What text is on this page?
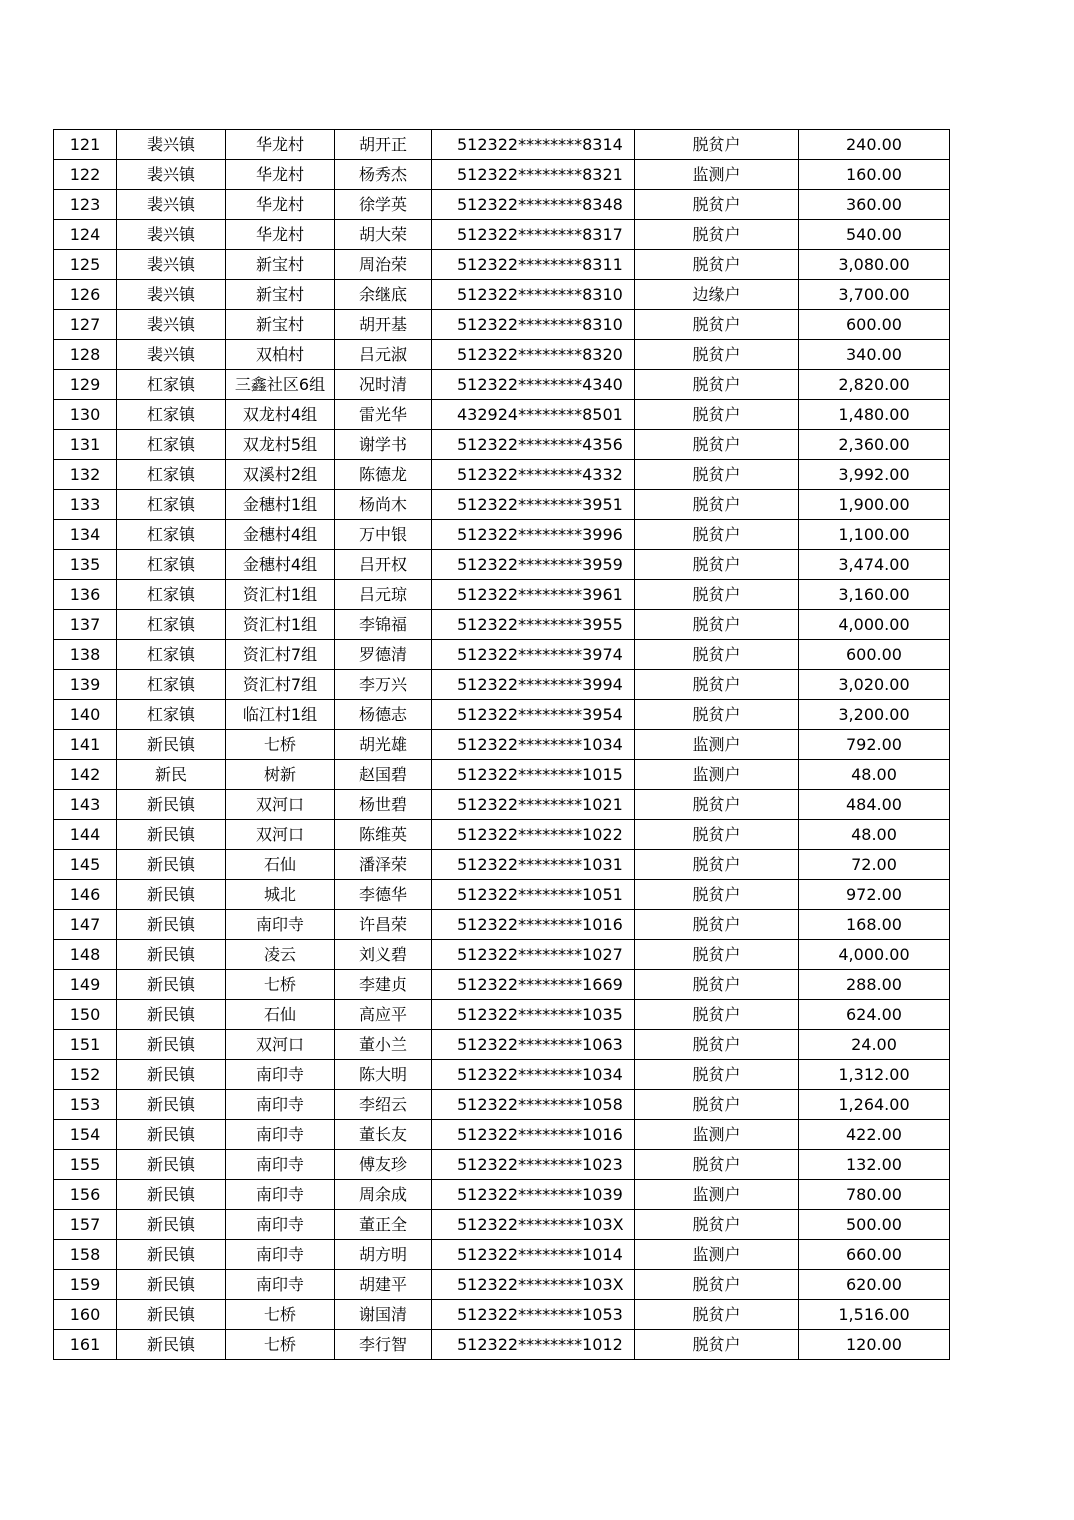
121	裴兴镇	华龙村	胡开正	512322********8314	脱贫户	240.00
122	裴兴镇	华龙村	杨秀杰	512322********8321	监测户	160.00
123	裴兴镇	华龙村	徐学英	512322********8348	脱贫户	360.00
124	裴兴镇	华龙村	胡大荣	512322********8317	脱贫户	540.00
125	裴兴镇	新宝村	周治荣	512322********8311	脱贫户	3,080.00
126	裴兴镇	新宝村	余继底	512322********8310	边缘户	3,700.00
127	裴兴镇	新宝村	胡开基	512322********8310	脱贫户	600.00
128	裴兴镇	双柏村	吕元淑	512322********8320	脱贫户	340.00
129	杠家镇	三鑫社区6组	况时清	512322********4340	脱贫户	2,820.00
130	杠家镇	双龙村4组	雷光华	432924********8501	脱贫户	1,480.00
131	杠家镇	双龙村5组	谢学书	512322********4356	脱贫户	2,360.00
132	杠家镇	双溪村2组	陈德龙	512322********4332	脱贫户	3,992.00
133	杠家镇	金穗村1组	杨尚木	512322********3951	脱贫户	1,900.00
134	杠家镇	金穗村4组	万中银	512322********3996	脱贫户	1,100.00
135	杠家镇	金穗村4组	吕开权	512322********3959	脱贫户	3,474.00
136	杠家镇	资汇村1组	吕元琼	512322********3961	脱贫户	3,160.00
137	杠家镇	资汇村1组	李锦福	512322********3955	脱贫户	4,000.00
138	杠家镇	资汇村7组	罗德清	512322********3974	脱贫户	600.00
139	杠家镇	资汇村7组	李万兴	512322********3994	脱贫户	3,020.00
140	杠家镇	临江村1组	杨德志	512322********3954	脱贫户	3,200.00
141	新民镇	七桥	胡光雄	512322********1034	监测户	792.00
142	新民	树新	赵国碧	512322********1015	监测户	48.00
143	新民镇	双河口	杨世碧	512322********1021	脱贫户	484.00
144	新民镇	双河口	陈维英	512322********1022	脱贫户	48.00
145	新民镇	石仙	潘泽荣	512322********1031	脱贫户	72.00
146	新民镇	城北	李德华	512322********1051	脱贫户	972.00
147	新民镇	南印寺	许昌荣	512322********1016	脱贫户	168.00
148	新民镇	凌云	刘义碧	512322********1027	脱贫户	4,000.00
149	新民镇	七桥	李建贞	512322********1669	脱贫户	288.00
150	新民镇	石仙	高应平	512322********1035	脱贫户	624.00
151	新民镇	双河口	董小兰	512322********1063	脱贫户	24.00
152	新民镇	南印寺	陈大明	512322********1034	脱贫户	1,312.00
153	新民镇	南印寺	李绍云	512322********1058	脱贫户	1,264.00
154	新民镇	南印寺	董长友	512322********1016	监测户	422.00
155	新民镇	南印寺	傅友珍	512322********1023	脱贫户	132.00
156	新民镇	南印寺	周余成	512322********1039	监测户	780.00
157	新民镇	南印寺	董正全	512322********103X	脱贫户	500.00
158	新民镇	南印寺	胡方明	512322********1014	监测户	660.00
159	新民镇	南印寺	胡建平	512322********103X	脱贫户	620.00
160	新民镇	七桥	谢国清	512322********1053	脱贫户	1,516.00
161	新民镇	七桥	李行智	512322********1012	脱贫户	120.00
